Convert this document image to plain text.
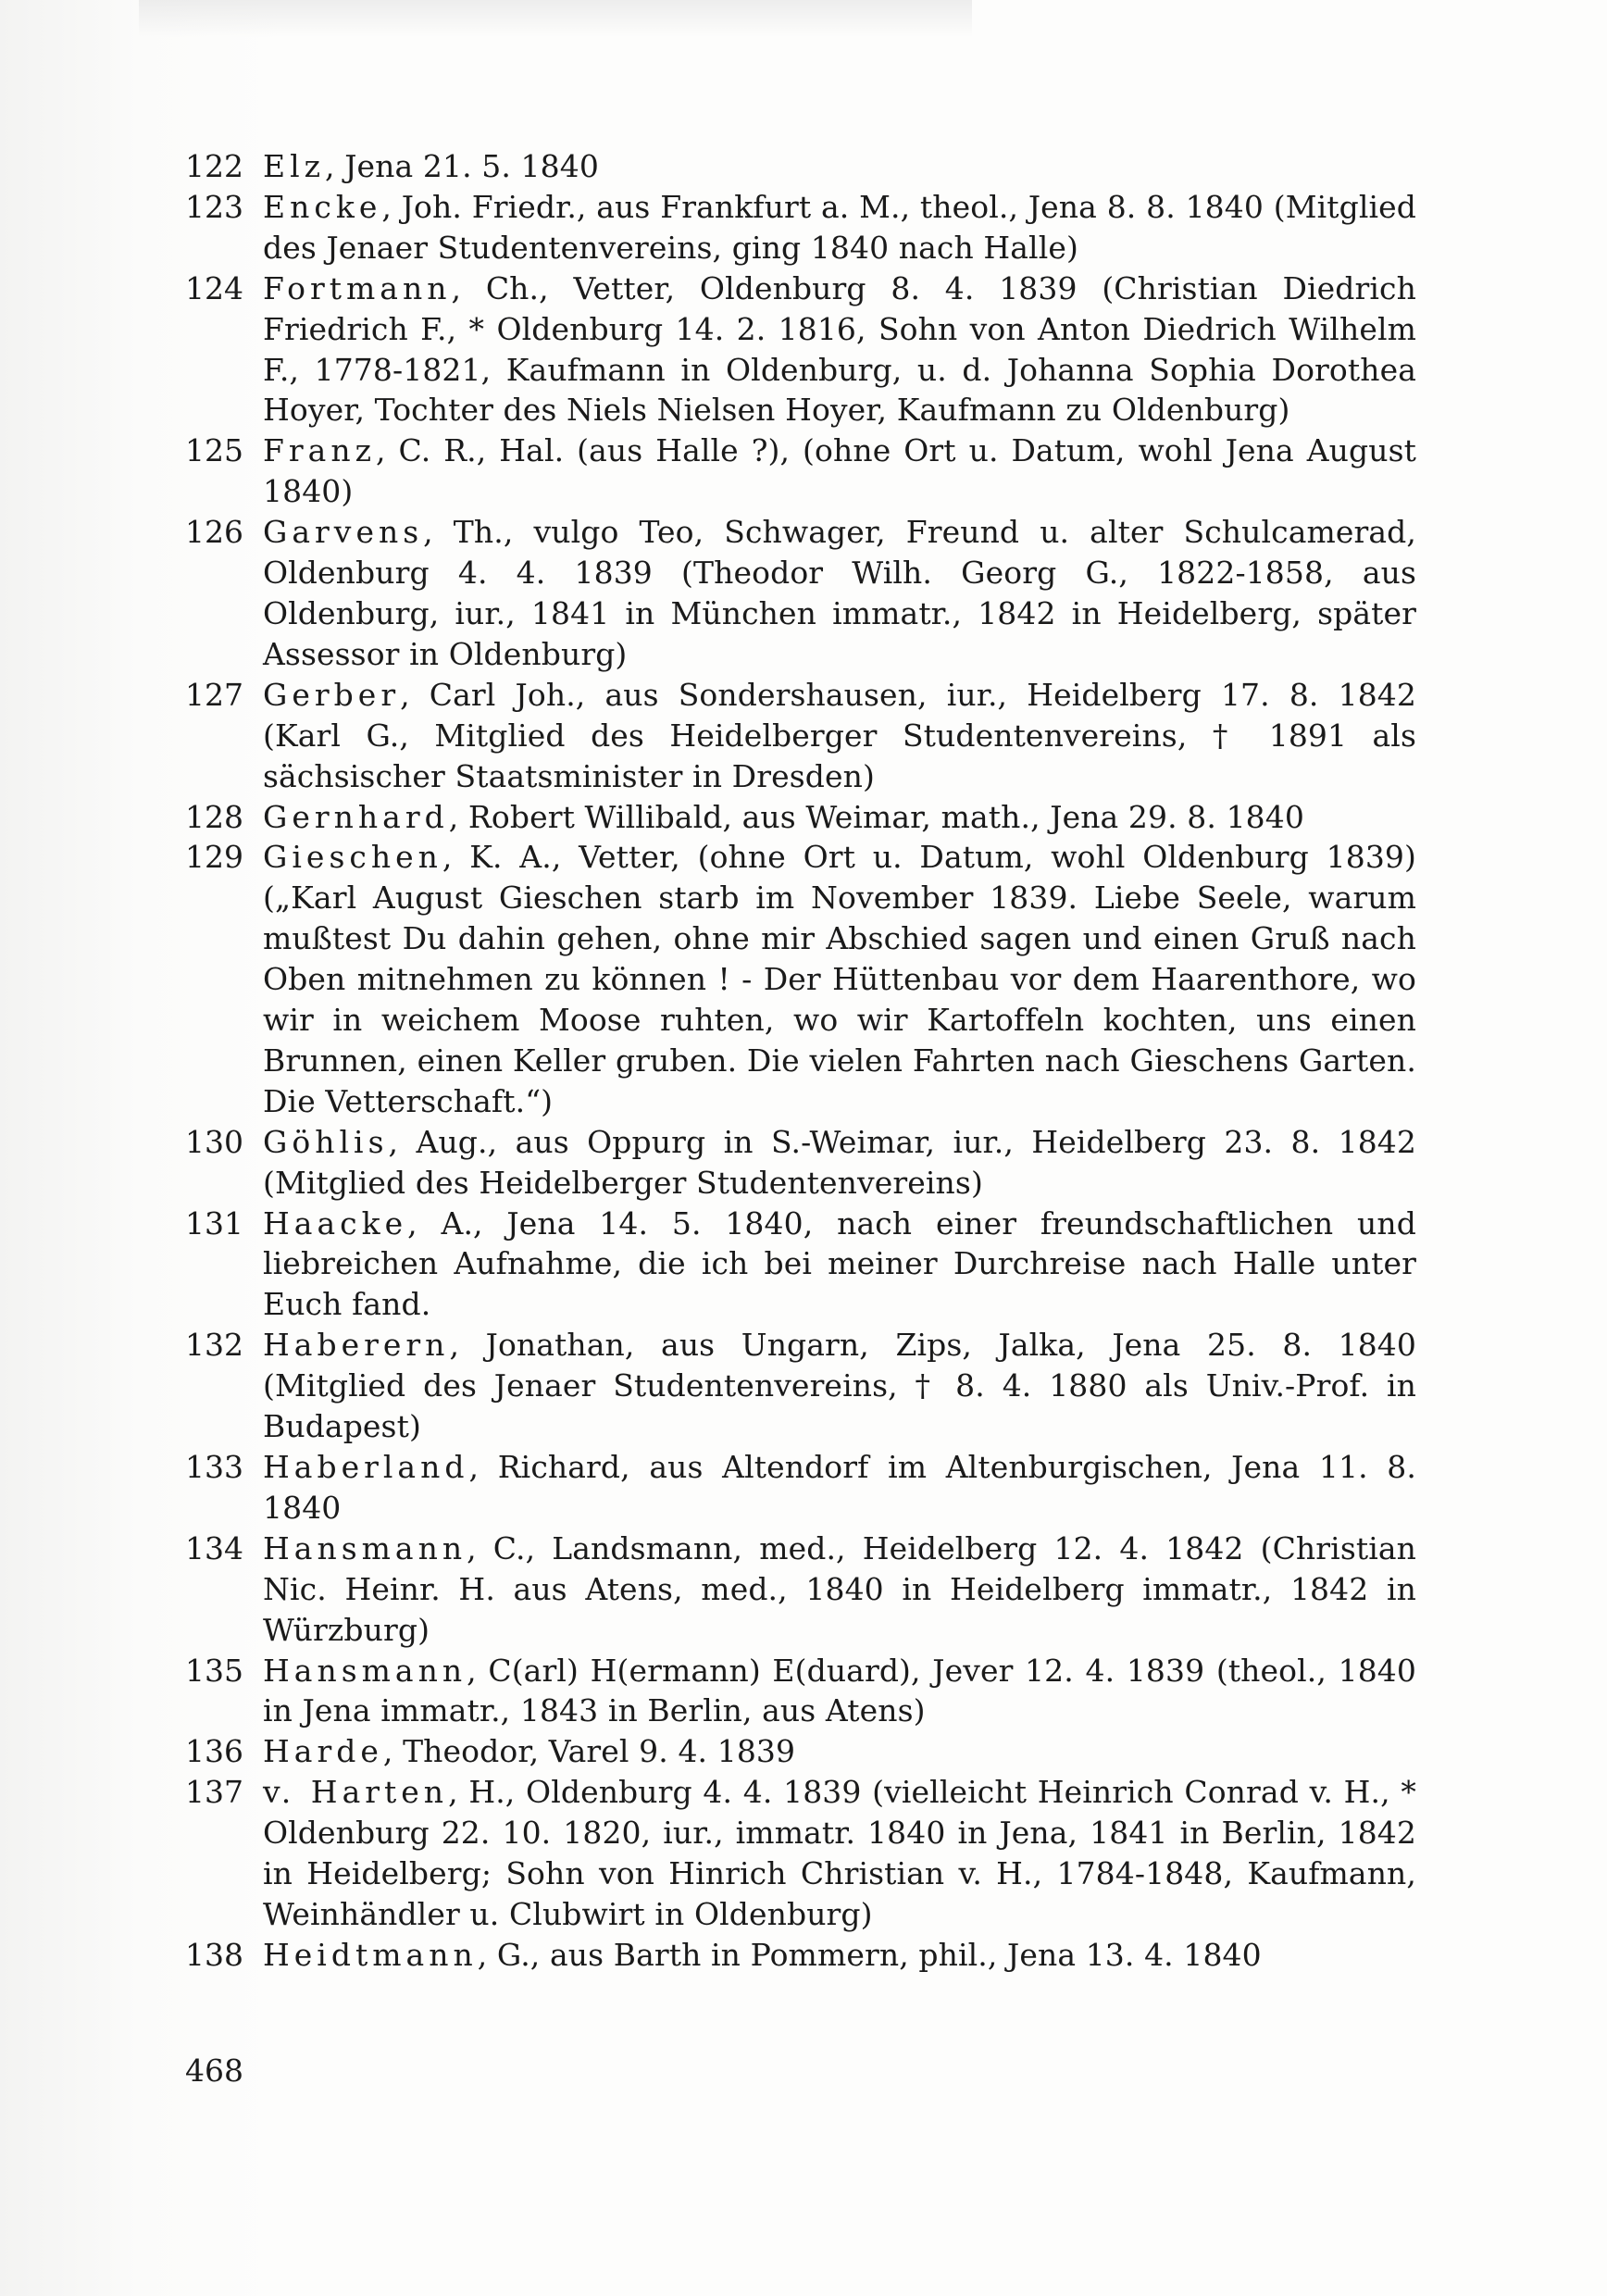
122 Elz, Jena 21. 5. 1840
123 Encke, Joh. Friedr., aus Frankfurt a. M., theol., Jena 8. 8. 1840 (Mitglied des Jenaer Studentenvereins, ging 1840 nach Halle)
124 Fortmann, Ch., Vetter, Oldenburg 8. 4. 1839 (Christian Diedrich Friedrich F., * Oldenburg 14. 2. 1816, Sohn von Anton Diedrich Wilhelm F., 1778-1821, Kaufmann in Oldenburg, u. d. Johanna Sophia Dorothea Hoyer, Tochter des Niels Nielsen Hoyer, Kaufmann zu Oldenburg)
125 Franz, C. R., Hal. (aus Halle ?), (ohne Ort u. Datum, wohl Jena August 1840)
126 Garvens, Th., vulgo Teo, Schwager, Freund u. alter Schulcamerad, Oldenburg 4. 4. 1839 (Theodor Wilh. Georg G., 1822-1858, aus Oldenburg, iur., 1841 in München immatr., 1842 in Heidelberg, später Assessor in Oldenburg)
127 Gerber, Carl Joh., aus Sondershausen, iur., Heidelberg 17. 8. 1842 (Karl G., Mitglied des Heidelberger Studentenvereins, † 1891 als sächsischer Staatsminister in Dresden)
128 Gernhard, Robert Willibald, aus Weimar, math., Jena 29. 8. 1840
129 Gieschen, K. A., Vetter, (ohne Ort u. Datum, wohl Oldenburg 1839) („Karl August Gieschen starb im November 1839. Liebe Seele, warum mußtest Du dahin gehen, ohne mir Abschied sagen und einen Gruß nach Oben mitnehmen zu können ! - Der Hüttenbau vor dem Haarenthore, wo wir in weichem Moose ruhten, wo wir Kartoffeln kochten, uns einen Brunnen, einen Keller gruben. Die vielen Fahrten nach Gieschens Garten. Die Vetterschaft.“)
130 Göhlis, Aug., aus Oppurg in S.-Weimar, iur., Heidelberg 23. 8. 1842 (Mitglied des Heidelberger Studentenvereins)
131 Haacke, A., Jena 14. 5. 1840, nach einer freundschaftlichen und liebreichen Aufnahme, die ich bei meiner Durchreise nach Halle unter Euch fand.
132 Haberern, Jonathan, aus Ungarn, Zips, Jalka, Jena 25. 8. 1840 (Mitglied des Jenaer Studentenvereins, † 8. 4. 1880 als Univ.-Prof. in Budapest)
133 Haberland, Richard, aus Altendorf im Altenburgischen, Jena 11. 8. 1840
134 Hansmann, C., Landsmann, med., Heidelberg 12. 4. 1842 (Christian Nic. Heinr. H. aus Atens, med., 1840 in Heidelberg immatr., 1842 in Würzburg)
135 Hansmann, C(arl) H(ermann) E(duard), Jever 12. 4. 1839 (theol., 1840 in Jena immatr., 1843 in Berlin, aus Atens)
136 Harde, Theodor, Varel 9. 4. 1839
137 v. Harten, H., Oldenburg 4. 4. 1839 (vielleicht Heinrich Conrad v. H., * Oldenburg 22. 10. 1820, iur., immatr. 1840 in Jena, 1841 in Berlin, 1842 in Heidelberg; Sohn von Hinrich Christian v. H., 1784-1848, Kaufmann, Weinhändler u. Clubwirt in Oldenburg)
138 Heidtmann, G., aus Barth in Pommern, phil., Jena 13. 4. 1840
468
